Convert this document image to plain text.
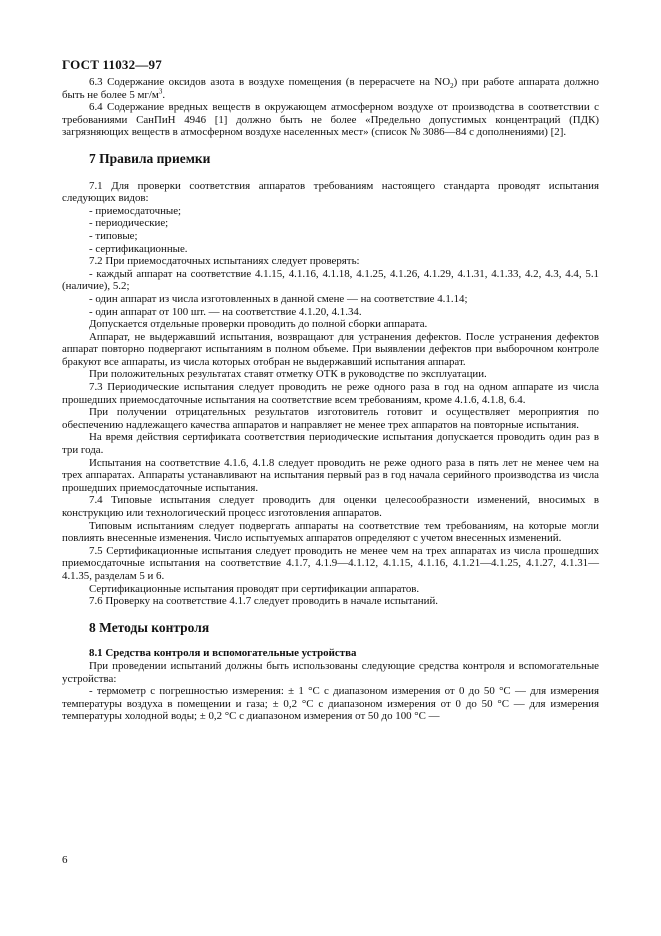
ГОСТ 11032—97

6.3 Содержание оксидов азота в воздухе помещения (в перерасчете на $NO_2$) при работе аппарата должно быть не более 5 $мг/м^3$.

6.4 Содержание вредных веществ в окружающем атмосферном воздухе от производства в соответствии с требованиями СанПиН 4946 [1] должно быть не более «Предельно допустимых концентраций (ПДК) загрязняющих веществ в атмосферном воздухе населенных мест» (список № 3086—84 с дополнениями) [2].

7 Правила приемки

7.1 Для проверки соответствия аппаратов требованиям настоящего стандарта проводят испытания следующих видов:

- приемосдаточные;

- периодические;

- типовые;

- сертификационные.

7.2 При приемосдаточных испытаниях следует проверять:

- каждый аппарат на соответствие 4.1.15, 4.1.16, 4.1.18, 4.1.25, 4.1.26, 4.1.29, 4.1.31, 4.1.33, 4.2, 4.3, 4.4, 5.1 (наличие), 5.2;

- один аппарат из числа изготовленных в данной смене — на соответствие 4.1.14;

- один аппарат от 100 шт. — на соответствие 4.1.20, 4.1.34.

Допускается отдельные проверки проводить до полной сборки аппарата.

Аппарат, не выдержавший испытания, возвращают для устранения дефектов. После устранения дефектов аппарат повторно подвергают испытаниям в полном объеме. При выявлении дефектов при выборочном контроле бракуют все аппараты, из числа которых отобран не выдержавший испытания аппарат.

При положительных результатах ставят отметку ОТК в руководстве по эксплуатации.

7.3 Периодические испытания следует проводить не реже одного раза в год на одном аппарате из числа прошедших приемосдаточные испытания на соответствие всем требованиям, кроме 4.1.6, 4.1.8, 6.4.

При получении отрицательных результатов изготовитель готовит и осуществляет мероприятия по обеспечению надлежащего качества аппаратов и направляет не менее трех аппаратов на повторные испытания.

На время действия сертификата соответствия периодические испытания допускается проводить один раз в три года.

Испытания на соответствие 4.1.6, 4.1.8 следует проводить не реже одного раза в пять лет не менее чем на трех аппаратах. Аппараты устанавливают на испытания первый раз в год начала серийного производства из числа прошедших приемосдаточные испытания.

7.4 Типовые испытания следует проводить для оценки целесообразности изменений, вносимых в конструкцию или технологический процесс изготовления аппаратов.

Типовым испытаниям следует подвергать аппараты на соответствие тем требованиям, на которые могли повлиять внесенные изменения. Число испытуемых аппаратов определяют с учетом внесенных изменений.

7.5 Сертификационные испытания следует проводить не менее чем на трех аппаратах из числа прошедших приемосдаточные испытания на соответствие 4.1.7, 4.1.9—4.1.12, 4.1.15, 4.1.16, 4.1.21—4.1.25, 4.1.27, 4.1.31—4.1.35, разделам 5 и 6.

Сертификационные испытания проводят при сертификации аппаратов.

7.6 Проверку на соответствие 4.1.7 следует проводить в начале испытаний.

8 Методы контроля

8.1 Средства контроля и вспомогательные устройства

При проведении испытаний должны быть использованы следующие средства контроля и вспомогательные устройства:

- термометр с погрешностью измерения: ± 1 °С с диапазоном измерения от 0 до 50 °С — для измерения температуры воздуха в помещении и газа; ± 0,2 °С с диапазоном измерения от 0 до 50 °С — для измерения температуры холодной воды; ± 0,2 °С с диапазоном измерения от 50 до 100 °С —

6
